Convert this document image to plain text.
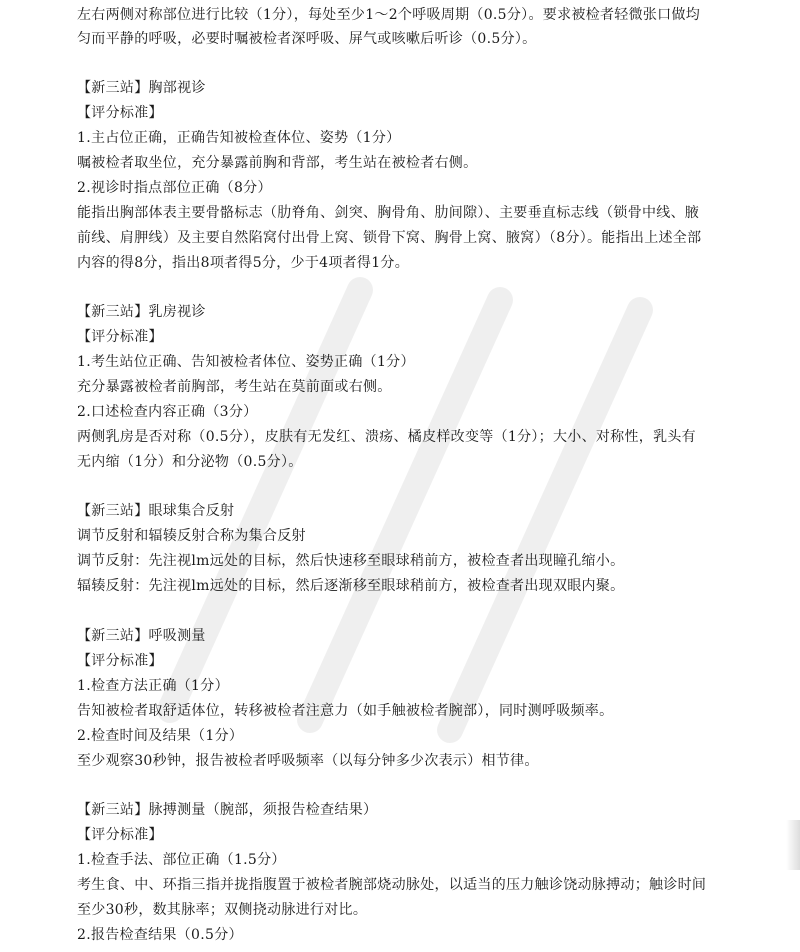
左右两侧对称部位进行比较（1分），每处至少1～2个呼吸周期（0.5分）。要求被检者轻微张口做均
匀而平静的呼吸，必要时嘱被检者深呼吸、屏气或咳嗽后听诊（0.5分）。
【新三站】胸部视诊
【评分标准】
1.主占位正确，正确告知被检查体位、姿势（1分）
嘱被检者取坐位，充分暴露前胸和背部，考生站在被检者右侧。
2.视诊时指点部位正确（8分）
能指出胸部体表主要骨骼标志（肋脊角、剑突、胸骨角、肋间隙）、主要垂直标志线（锁骨中线、腋
前线、肩胛线）及主要自然陷窝付出骨上窝、锁骨下窝、胸骨上窝、腋窝）（8分）。能指出上述全部
内容的得8分，指出8项者得5分，少于4项者得1分。
【新三站】乳房视诊
【评分标准】
1.考生站位正确、告知被检者体位、姿势正确（1分）
充分暴露被检者前胸部，考生站在莫前面或右侧。
2.口述检查内容正确（3分）
两侧乳房是否对称（0.5分），皮肤有无发红、溃疡、橘皮样改变等（1分）；大小、对称性，乳头有
无内缩（1分）和分泌物（0.5分）。
【新三站】眼球集合反射
调节反射和辐辏反射合称为集合反射
调节反射：先注视lm远处的目标，然后快速移至眼球稍前方，被检查者出现瞳孔缩小。
辐辏反射：先注视lm远处的目标，然后逐渐移至眼球稍前方，被检查者出现双眼内聚。
【新三站】呼吸测量
【评分标准】
1.检查方法正确（1分）
告知被检者取舒适体位，转移被检者注意力（如手触被检者腕部），同时测呼吸频率。
2.检查时间及结果（1分）
至少观察30秒钟，报告被检者呼吸频率（以每分钟多少次表示）相节律。
【新三站】脉搏测量（腕部，须报告检查结果）
【评分标准】
1.检查手法、部位正确（1.5分）
考生食、中、环指三指并拢指腹置于被检者腕部烧动脉处，以适当的压力触诊饶动脉搏动；触诊时间
至少30秒，数其脉率；双侧挠动脉进行对比。
2.报告检查结果（0.5分）
